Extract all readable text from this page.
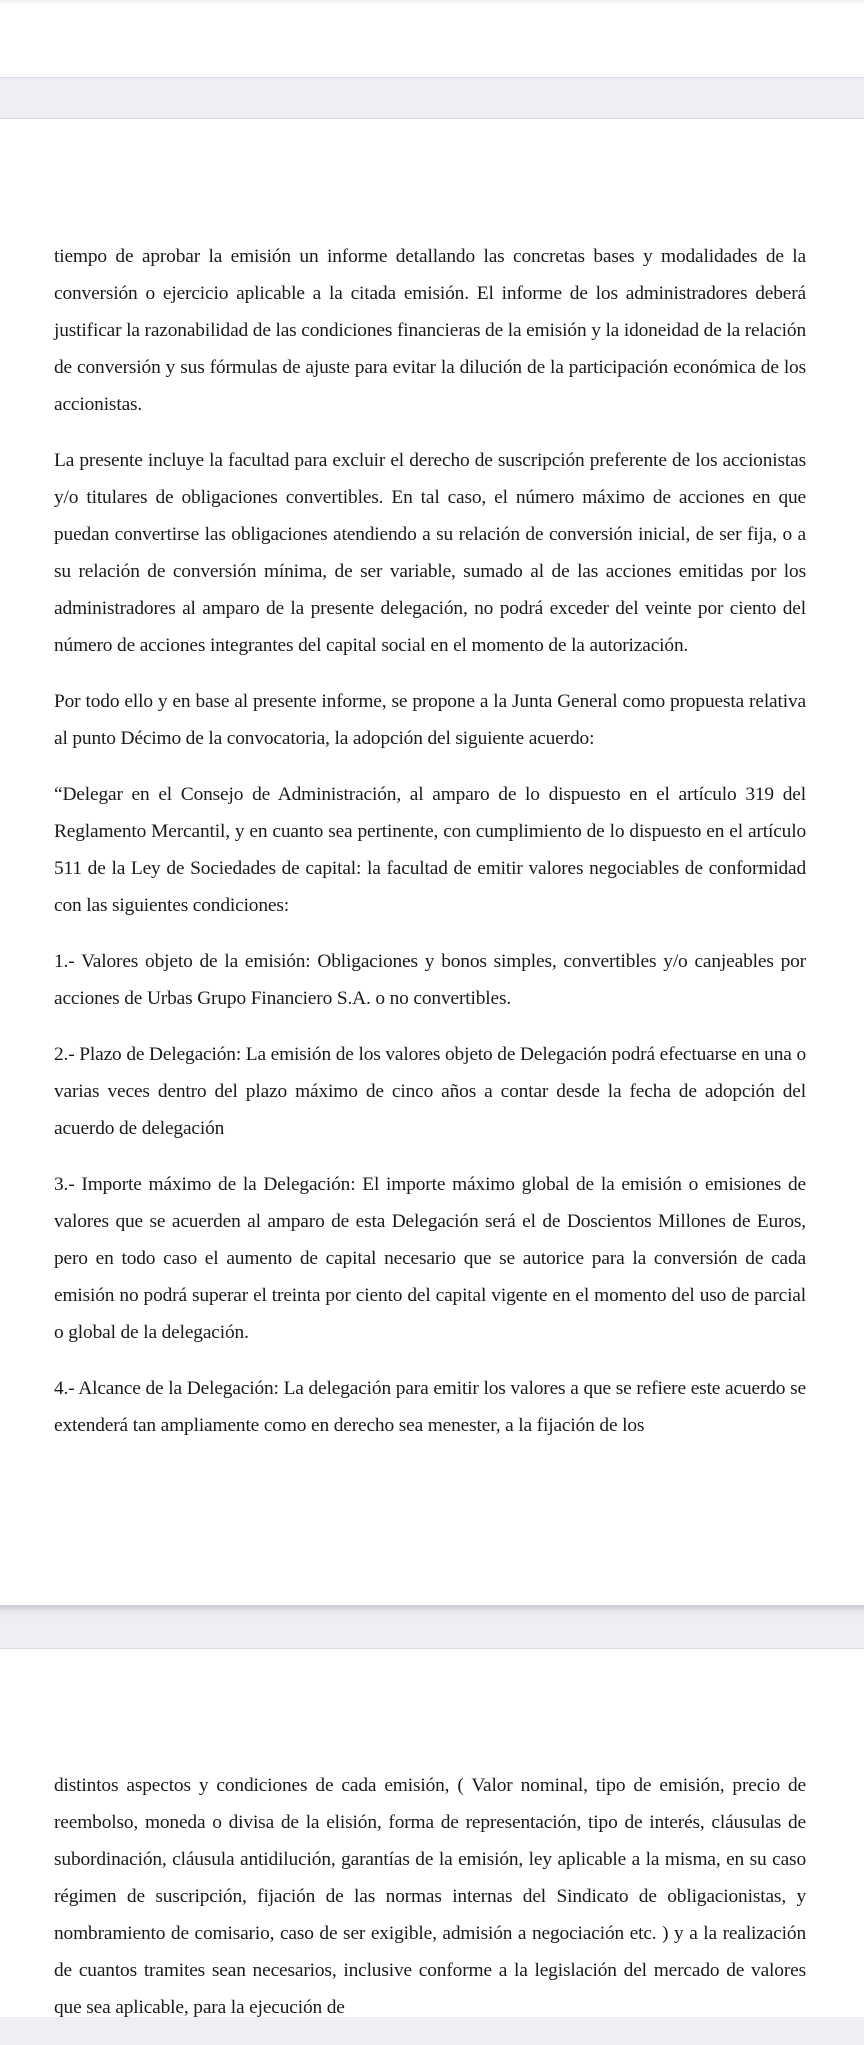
tiempo de aprobar la emisión un informe detallando las concretas bases y modalidades de la conversión o ejercicio aplicable a la citada emisión. El informe de los administradores deberá justificar la razonabilidad de las condiciones financieras de la emisión y la idoneidad de la relación de conversión y sus fórmulas de ajuste para evitar la dilución de la participación económica de los accionistas.

La presente incluye la facultad para excluir el derecho de suscripción preferente de los accionistas y/o titulares de obligaciones convertibles. En tal caso, el número máximo de acciones en que puedan convertirse las obligaciones atendiendo a su relación de conversión inicial, de ser fija, o a su relación de conversión mínima, de ser variable, sumado al de las acciones emitidas por los administradores al amparo de la presente delegación, no podrá exceder del veinte por ciento del número de acciones integrantes del capital social en el momento de la autorización.

Por todo ello y en base al presente informe, se propone a la Junta General como propuesta relativa al punto Décimo de la convocatoria, la adopción del siguiente acuerdo:

“Delegar en el Consejo de Administración, al amparo de lo dispuesto en el artículo 319 del Reglamento Mercantil, y en cuanto sea pertinente, con cumplimiento de lo dispuesto en el artículo 511 de la Ley de Sociedades de capital: la facultad de emitir valores negociables de conformidad con las siguientes condiciones:

1.- Valores objeto de la emisión: Obligaciones y bonos simples, convertibles y/o canjeables por acciones de Urbas Grupo Financiero S.A. o no convertibles.

2.- Plazo de Delegación: La emisión de los valores objeto de Delegación podrá efectuarse en una o varias veces dentro del plazo máximo de cinco años a contar desde la fecha de adopción del acuerdo de delegación

3.- Importe máximo de la Delegación: El importe máximo global de la emisión o emisiones de valores que se acuerden al amparo de esta Delegación será el de Doscientos Millones de Euros, pero en todo caso el aumento de capital necesario que se autorice para la conversión de cada emisión no podrá superar el treinta por ciento del capital vigente en el momento del uso de parcial o global de la delegación.

4.- Alcance de la Delegación: La delegación para emitir los valores a que se refiere este acuerdo se extenderá tan ampliamente como en derecho sea menester, a la fijación de los

distintos aspectos y condiciones de cada emisión, ( Valor nominal, tipo de emisión, precio de reembolso, moneda o divisa de la elisión, forma de representación, tipo de interés, cláusulas de subordinación, cláusula antidilución, garantías de la emisión, ley aplicable a la misma, en su caso régimen de suscripción, fijación de las normas internas del Sindicato de obligacionistas, y nombramiento de comisario, caso de ser exigible, admisión a negociación etc. ) y a la realización de cuantos tramites sean necesarios, inclusive conforme a la legislación del mercado de valores que sea aplicable, para la ejecución de
